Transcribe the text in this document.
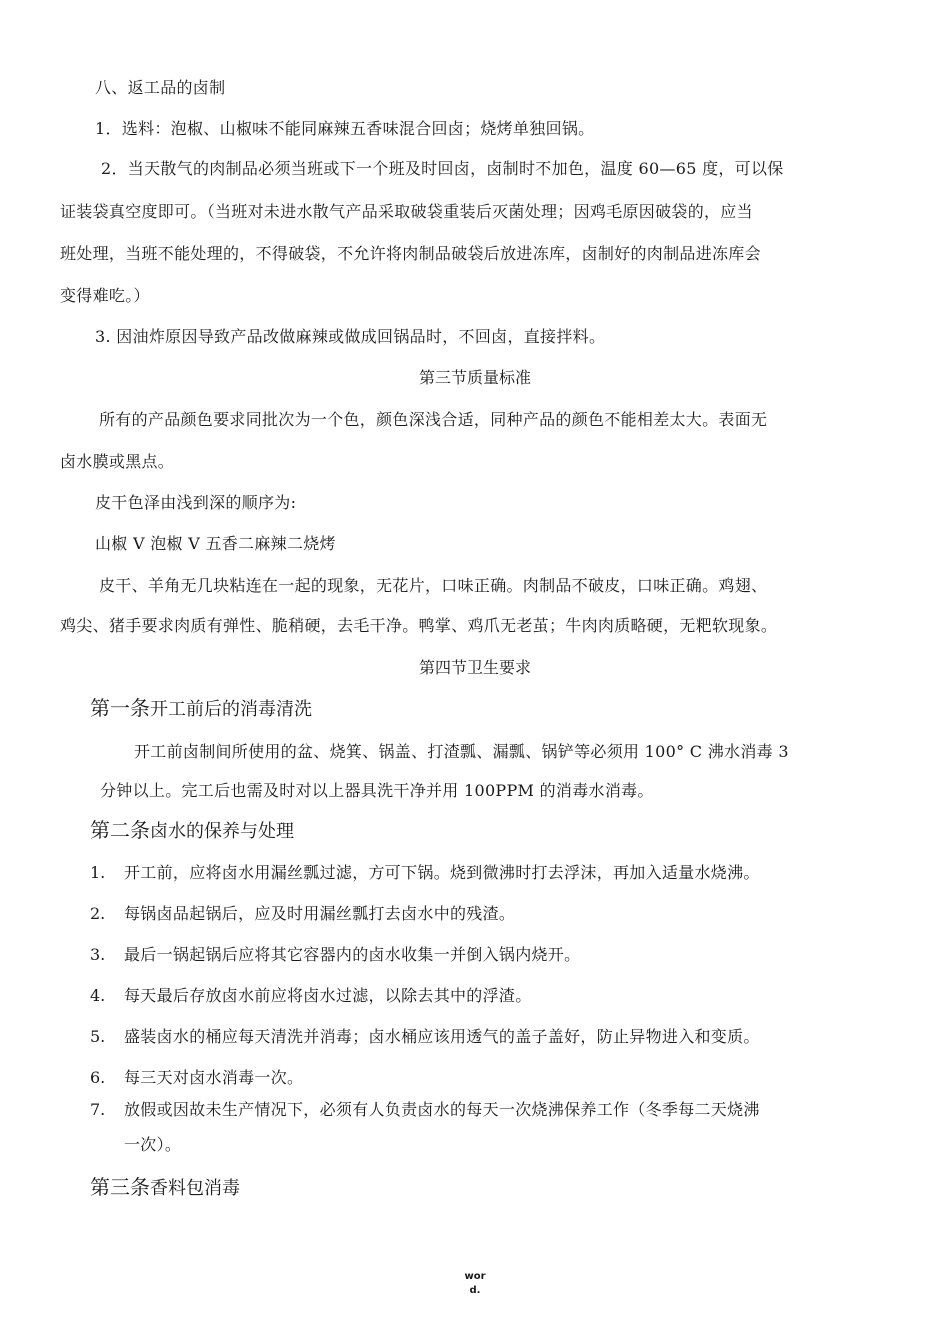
八、返工品的卤制
1．选料：泡椒、山椒味不能同麻辣五香味混合回卤；烧烤单独回锅。
2．当天散气的肉制品必须当班或下一个班及时回卤，卤制时不加色，温度 60—65 度，可以保
证装袋真空度即可。（当班对未进水散气产品采取破袋重装后灭菌处理；因鸡毛原因破袋的，应当
班处理，当班不能处理的，不得破袋，不允许将肉制品破袋后放进冻库，卤制好的肉制品进冻库会
变得难吃。）
3. 因油炸原因导致产品改做麻辣或做成回锅品时，不回卤，直接拌料。
第三节质量标准
所有的产品颜色要求同批次为一个色，颜色深浅合适，同种产品的颜色不能相差太大。表面无
卤水膜或黑点。
皮干色泽由浅到深的顺序为:
山椒 V 泡椒 V 五香二麻辣二烧烤
皮干、羊角无几块粘连在一起的现象，无花片，口味正确。肉制品不破皮，口味正确。鸡翅、
鸡尖、猪手要求肉质有弹性、脆稍硬，去毛干净。鸭掌、鸡爪无老茧；牛肉肉质略硬，无粑软现象。
第四节卫生要求
第一条开工前后的消毒清洗
开工前卤制间所使用的盆、烧箕、锅盖、打渣瓢、漏瓢、锅铲等必须用 100° C 沸水消毒 3
分钟以上。完工后也需及时对以上器具洗干净并用 100PPM 的消毒水消毒。
第二条卤水的保养与处理
1. 开工前，应将卤水用漏丝瓢过滤，方可下锅。烧到微沸时打去浮沫，再加入适量水烧沸。
2. 每锅卤品起锅后，应及时用漏丝瓢打去卤水中的残渣。
3. 最后一锅起锅后应将其它容器内的卤水收集一并倒入锅内烧开。
4. 每天最后存放卤水前应将卤水过滤，以除去其中的浮渣。
5. 盛装卤水的桶应每天清洗并消毒；卤水桶应该用透气的盖子盖好，防止异物进入和变质。
6. 每三天对卤水消毒一次。
7. 放假或因故未生产情况下，必须有人负责卤水的每天一次烧沸保养工作（冬季每二天烧沸
一次）。
第三条香料包消毒
wor
d.
